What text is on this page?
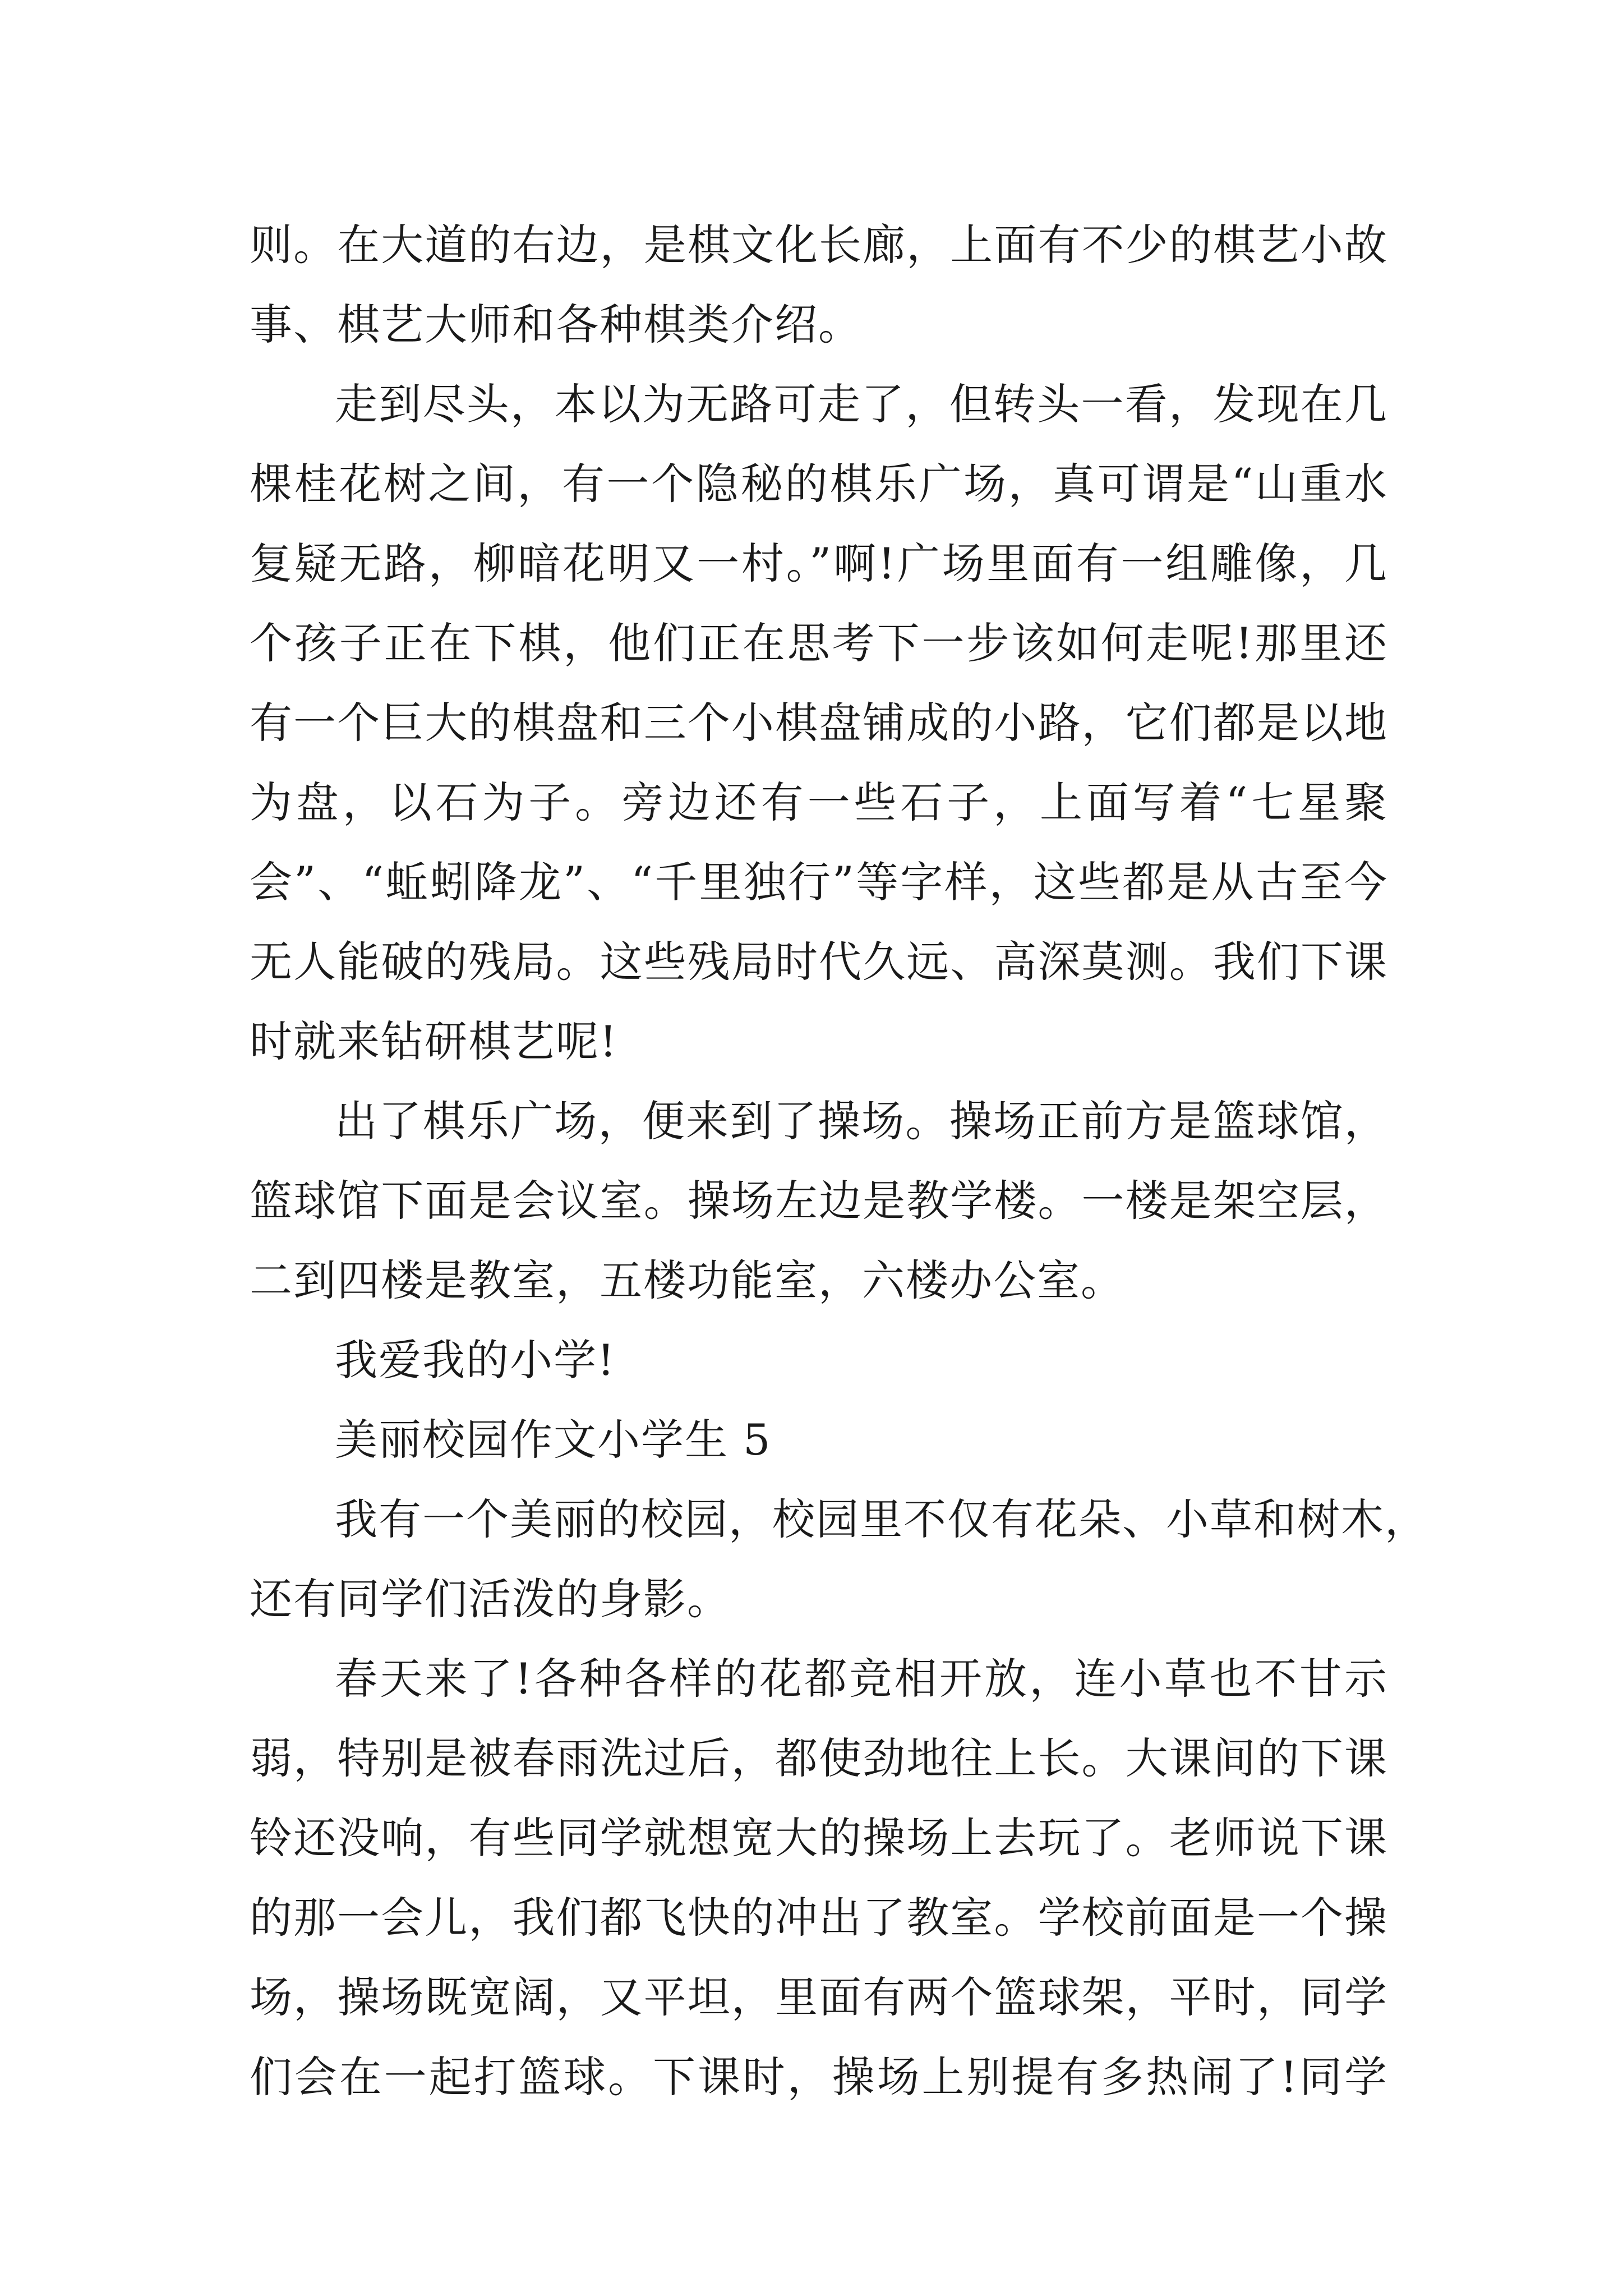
则。在大道的右边，是棋文化长廊，上面有不少的棋艺小故
事、棋艺大师和各种棋类介绍。
走到尽头，本以为无路可走了，但转头一看，发现在几
棵桂花树之间，有一个隐秘的棋乐广场，真可谓是“山重水
复疑无路，柳暗花明又一村。”啊!广场里面有一组雕像，几
个孩子正在下棋，他们正在思考下一步该如何走呢!那里还
有一个巨大的棋盘和三个小棋盘铺成的小路，它们都是以地
为盘，以石为子。旁边还有一些石子，上面写着“七星聚
会”、“蚯蚓降龙”、“千里独行”等字样，这些都是从古至今
无人能破的残局。这些残局时代久远、高深莫测。我们下课
时就来钻研棋艺呢!
出了棋乐广场，便来到了操场。操场正前方是篮球馆，
篮球馆下面是会议室。操场左边是教学楼。一楼是架空层，
二到四楼是教室，五楼功能室，六楼办公室。
我爱我的小学!
美丽校园作文小学生 5
我有一个美丽的校园，校园里不仅有花朵、小草和树木，
还有同学们活泼的身影。
春天来了!各种各样的花都竞相开放，连小草也不甘示
弱，特别是被春雨洗过后，都使劲地往上长。大课间的下课
铃还没响，有些同学就想宽大的操场上去玩了。老师说下课
的那一会儿，我们都飞快的冲出了教室。学校前面是一个操
场，操场既宽阔，又平坦，里面有两个篮球架，平时，同学
们会在一起打篮球。下课时，操场上别提有多热闹了!同学
